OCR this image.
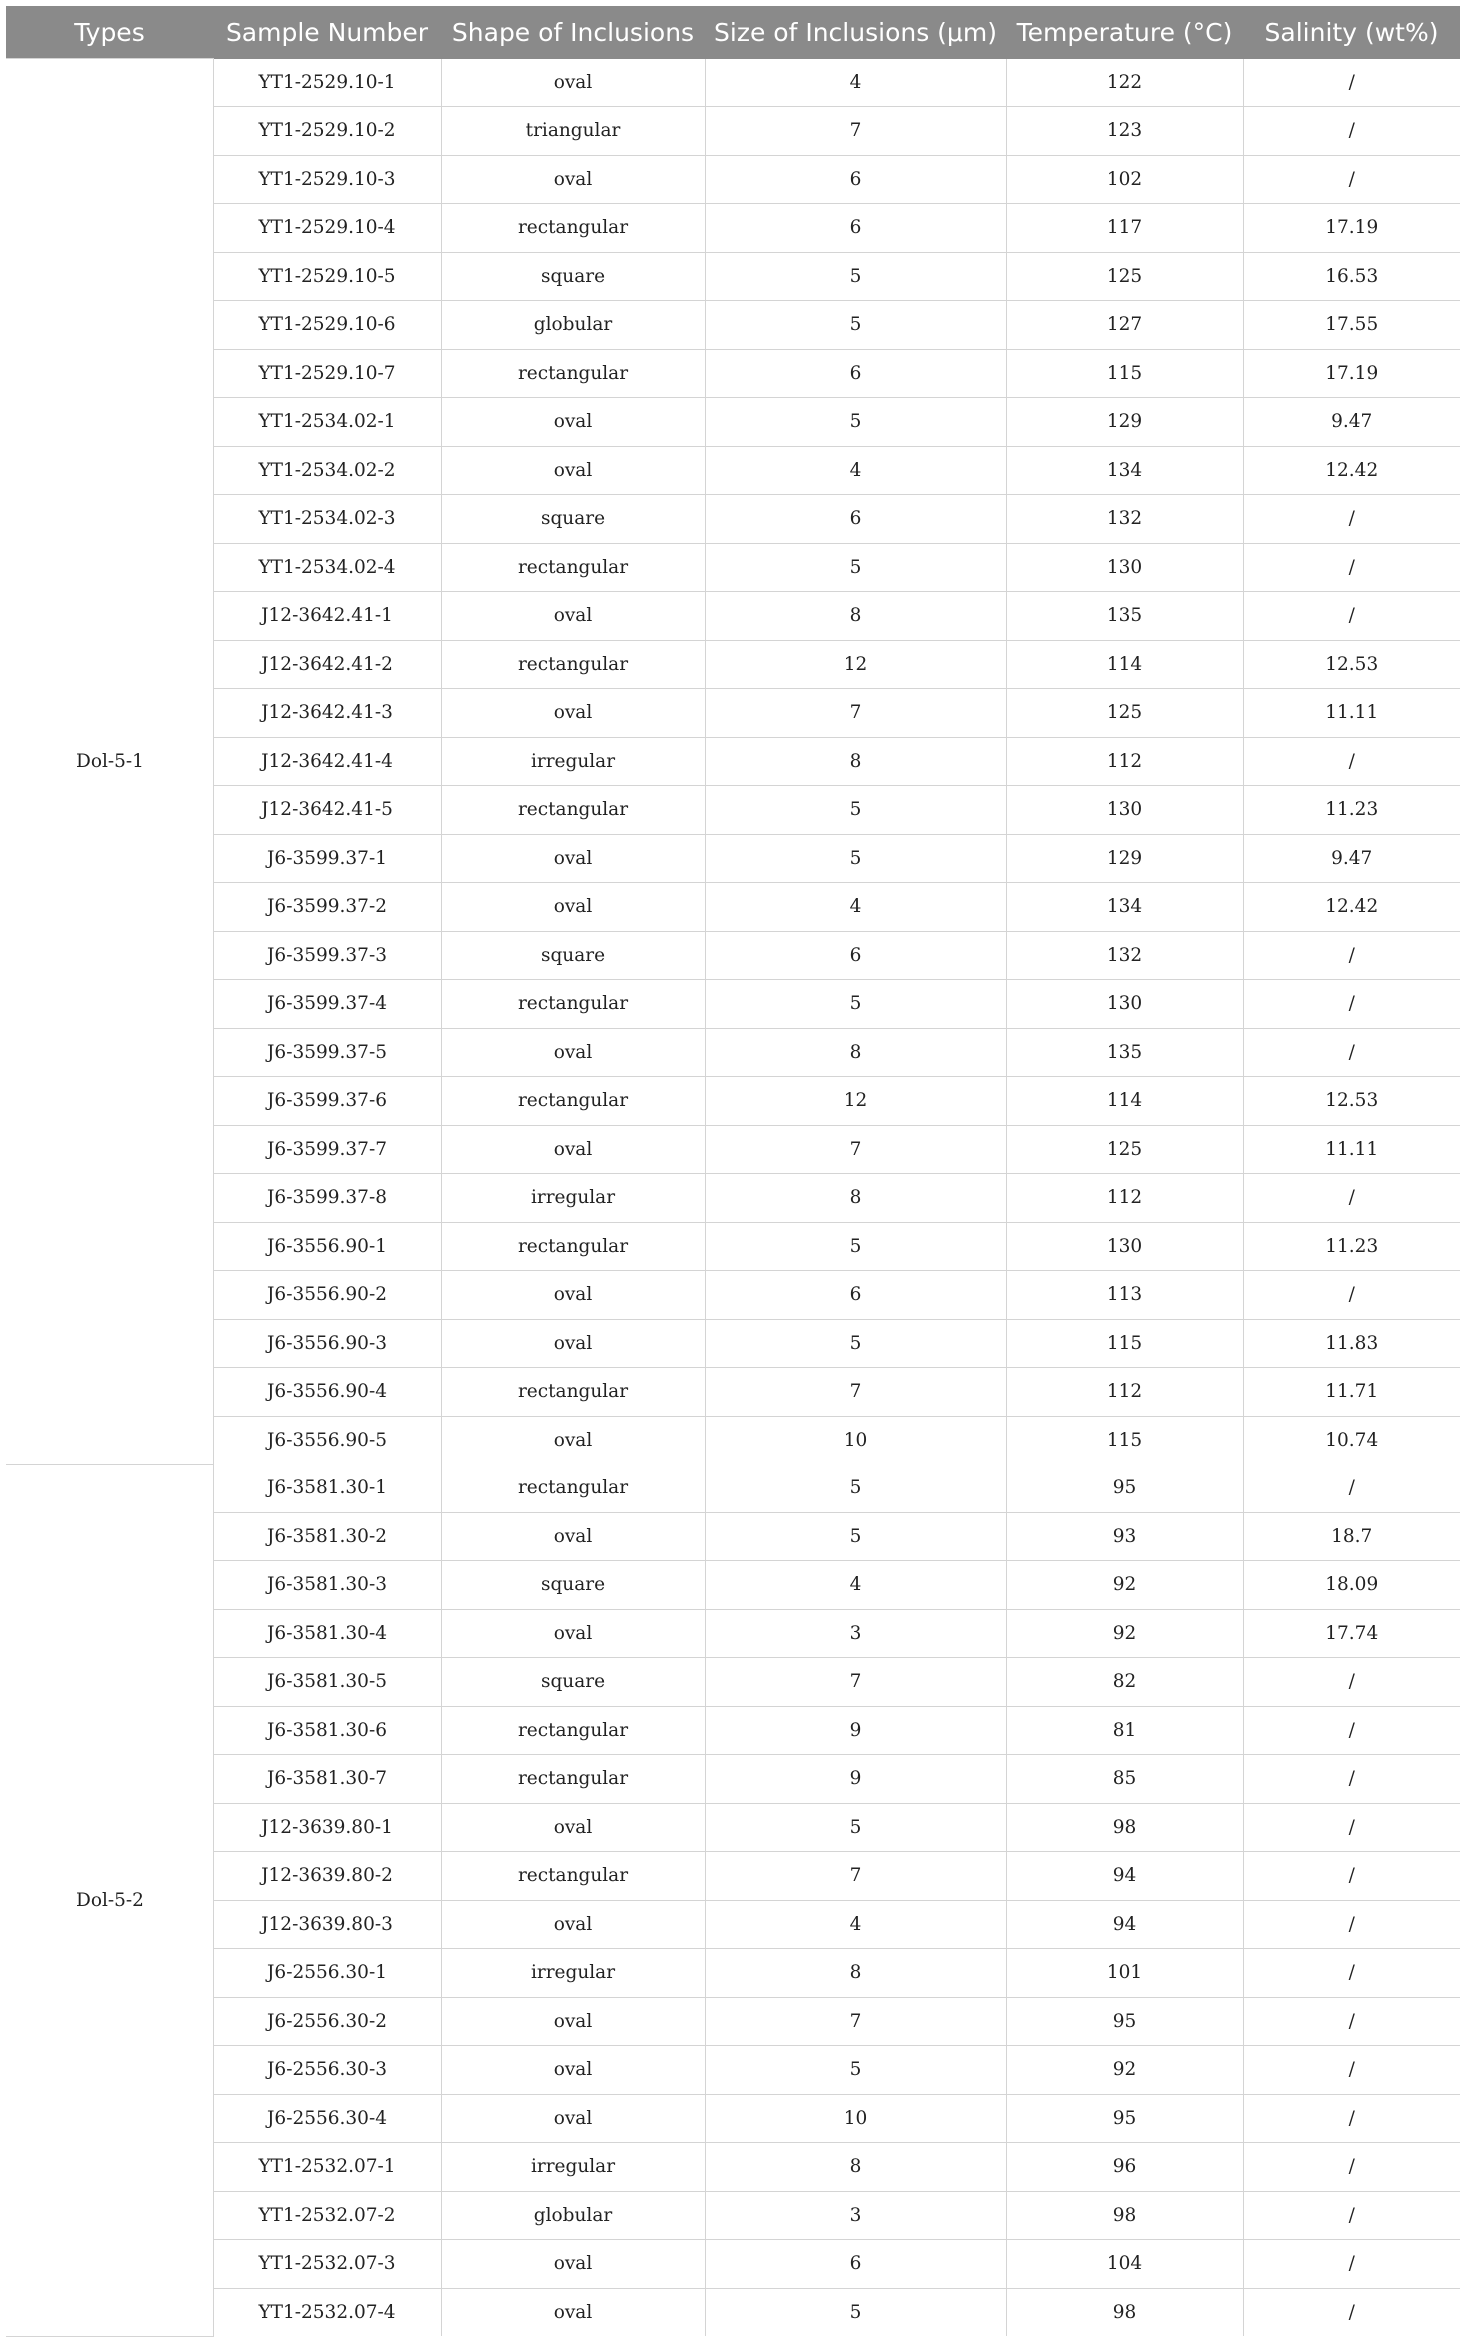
Types	Sample Number	Shape of Inclusions	Size of Inclusions (μm)	Temperature (°C)	Salinity (wt%)
Dol-5-1	YT1-2529.10-1	oval	4	122	/
	YT1-2529.10-2	triangular	7	123	/
	YT1-2529.10-3	oval	6	102	/
	YT1-2529.10-4	rectangular	6	117	17.19
	YT1-2529.10-5	square	5	125	16.53
	YT1-2529.10-6	globular	5	127	17.55
	YT1-2529.10-7	rectangular	6	115	17.19
	YT1-2534.02-1	oval	5	129	9.47
	YT1-2534.02-2	oval	4	134	12.42
	YT1-2534.02-3	square	6	132	/
	YT1-2534.02-4	rectangular	5	130	/
	J12-3642.41-1	oval	8	135	/
	J12-3642.41-2	rectangular	12	114	12.53
	J12-3642.41-3	oval	7	125	11.11
	J12-3642.41-4	irregular	8	112	/
	J12-3642.41-5	rectangular	5	130	11.23
	J6-3599.37-1	oval	5	129	9.47
	J6-3599.37-2	oval	4	134	12.42
	J6-3599.37-3	square	6	132	/
	J6-3599.37-4	rectangular	5	130	/
	J6-3599.37-5	oval	8	135	/
	J6-3599.37-6	rectangular	12	114	12.53
	J6-3599.37-7	oval	7	125	11.11
	J6-3599.37-8	irregular	8	112	/
	J6-3556.90-1	rectangular	5	130	11.23
	J6-3556.90-2	oval	6	113	/
	J6-3556.90-3	oval	5	115	11.83
	J6-3556.90-4	rectangular	7	112	11.71
	J6-3556.90-5	oval	10	115	10.74
Dol-5-2	J6-3581.30-1	rectangular	5	95	/
	J6-3581.30-2	oval	5	93	18.7
	J6-3581.30-3	square	4	92	18.09
	J6-3581.30-4	oval	3	92	17.74
	J6-3581.30-5	square	7	82	/
	J6-3581.30-6	rectangular	9	81	/
	J6-3581.30-7	rectangular	9	85	/
	J12-3639.80-1	oval	5	98	/
	J12-3639.80-2	rectangular	7	94	/
	J12-3639.80-3	oval	4	94	/
	J6-2556.30-1	irregular	8	101	/
	J6-2556.30-2	oval	7	95	/
	J6-2556.30-3	oval	5	92	/
	J6-2556.30-4	oval	10	95	/
	YT1-2532.07-1	irregular	8	96	/
	YT1-2532.07-2	globular	3	98	/
	YT1-2532.07-3	oval	6	104	/
	YT1-2532.07-4	oval	5	98	/
